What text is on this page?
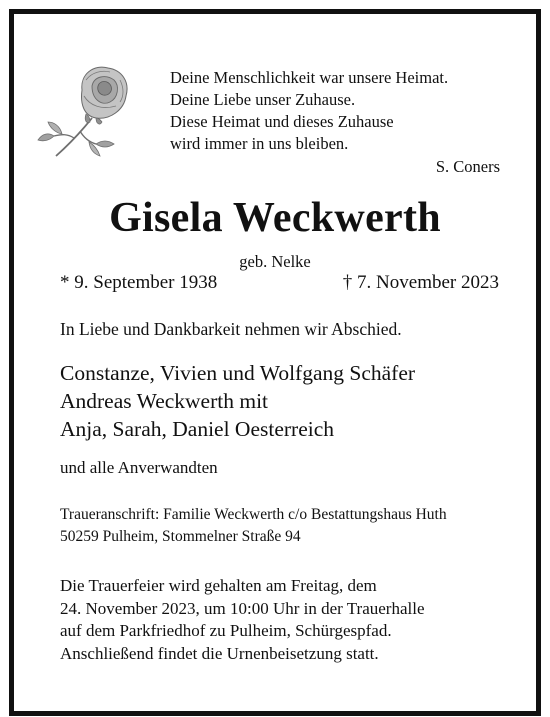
Deine Menschlichkeit war unsere Heimat.
Deine Liebe unser Zuhause.
Diese Heimat und dieses Zuhause
wird immer in uns bleiben.
S. Coners
Gisela Weckwerth
geb. Nelke
* 9. September 1938	† 7. November 2023
In Liebe und Dankbarkeit nehmen wir Abschied.
Constanze, Vivien und Wolfgang Schäfer
Andreas Weckwerth mit
Anja, Sarah, Daniel Oesterreich
und alle Anverwandten
Traueranschrift: Familie Weckwerth c/o Bestattungshaus Huth
50259 Pulheim, Stommelner Straße 94
Die Trauerfeier wird gehalten am Freitag, dem
24. November 2023, um 10:00 Uhr in der Trauerhalle
auf dem Parkfriedhof zu Pulheim, Schürgespfad.
Anschließend findet die Urnenbeisetzung statt.
